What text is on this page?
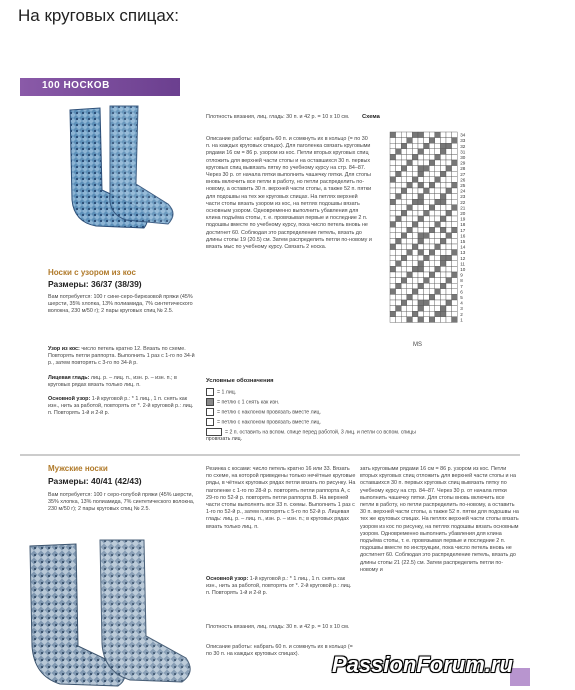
На круговых спицах:
100 НОСКОВ
Носки с узором из кос
Размеры: 36/37 (38/39)
Вам потребуется: 100 г сине-серо-бирюзовой пряжи (45% шерсти, 35% хлопка, 13% полиамида, 7% синтетического волокна, 230 м/50 г); 2 пары круговых спиц № 2.5.
Узор из кос: число петель кратно 12. Вязать по схеме. Повторять петли раппорта. Выполнить 1 раз с 1-го по 34-й р., затем повторять с 3-го по 34-й р.
Лицевая гладь: лиц. р. – лиц. п., изн. р. – изн. п.; в круговых рядах вязать только лиц. п.
Основной узор: 1-й круговой р.: * 1 лиц., 1 п. снять как изн., нить за работой, повторять от *. 2-й круговой р.: лиц. п. Повторять 1-й и 2-й р.
Плотность вязания, лиц. гладь: 30 п. и 42 р. = 10 х 10 см.
Описание работы: набрать 60 п. и сомкнуть их в кольцо (= по 30 п. на каждых круговых спицах). Для паголенка связать круговыми рядами 16 см = 86 р. узором из кос. Петли вторых круговых спиц отложить для верхней части стопы и на оставшихся 30 п. первых круговых спиц вывязать пятку по учебному курсу на стр. 84–87. Через 30 р. от начала пятки выполнить чашечку пятки. Для стопы вновь включить все петли в работу, но петли распределить по-новому, а оставить 30 п. верхней части стопы, а также 52 п. пятки для подошвы на тех же круговых спицах. На петлях верхней части стопы вязать узором из кос, на петлях подошвы вязать основным узором. Одновременно выполнить убавления для клина подъёма стопы, т. е. провязывая первые и последние 2 п. подошвы вместе по учебному курсу, пока число петель вновь не достигнет 60. Соблюдая это распределение петель, вязать до длины стопы 19 (20.5) см. Затем распределить петли по-новому и вязать мыс по учебному курсу. Связать 2 носка.
Условные обозначения
= 1 лиц.
= петлю с 1 снять как изн.
= петлю с наклоном провязать вместе лиц.
= петлю с наклоном провязать вместе лиц.
= 2 п. оставить на вспом. спице перед работой, 3 лиц. и петли со вспом. спицы провязать лиц.
Схема
34
33
32
31
30
29
28
27
26
25
24
23
22
21
20
19
18
17
16
15
14
13
12
11
10
9
8
7
6
5
4
3
2
1
MS
Мужские носки
Размеры: 40/41 (42/43)
Вам потребуется: 100 г серо-голубой пряжи (45% шерсти, 35% хлопка, 13% полиамида, 7% синтетического волокна, 230 м/50 г); 2 пары круговых спиц № 2.5.
Резинка с косами: число петель кратно 16 или 33. Вязать по схеме, на которой приведены только нечётные круговые ряды, в чётных круговых рядах петли вязать по рисунку. На паголенке с 1-го по 28-й р. повторять петли раппорта A, с 29-го по 52-й р. повторять петли раппорта B. На верхней части стопы выполнять все 33 п. схемы. Выполнить 1 раз с 1-го по 52-й р., затем повторять с 5-го по 52-й р. Лицевая гладь: лиц. р. – лиц. п., изн. р. – изн. п.; в круговых рядах вязать только лиц. п.
Основной узор: 1-й круговой р.: * 1 лиц., 1 п. снять как изн., нить за работой, повторять от *. 2-й круговой р.: лиц. п. Повторять 1-й и 2-й р.
Плотность вязания, лиц. гладь: 30 п. и 42 р. = 10 х 10 см.
Описание работы: набрать 60 п. и сомкнуть их в кольцо (= по 30 п. на каждых круговых спицах).
зать круговыми рядами 16 см = 86 р. узором из кос. Петли вторых круговых спиц отложить для верхней части стопы и на оставшихся 30 п. первых круговых спиц вывязать пятку по учебному курсу на стр. 84–87. Через 30 р. от начала пятки выполнить чашечку пятки. Для стопы вновь включить все петли в работу, но петли распределить по-новому, а оставить 30 п. верхней части стопы, а также 52 п. пятки для подошвы на тех же круговых спицах. На петлях верхней части стопы вязать узором из кос по рисунку, на петлях подошвы вязать основным узором. Одновременно выполнить убавления для клина подъёма стопы, т. е. провязывая первые и последние 2 п. подошвы вместе по инструкции, пока число петель вновь не достигнет 60. Соблюдая это распределение петель, вязать до длины стопы 21 (22.5) см. Затем распределить петли по-новому и
PassionForum.ru
